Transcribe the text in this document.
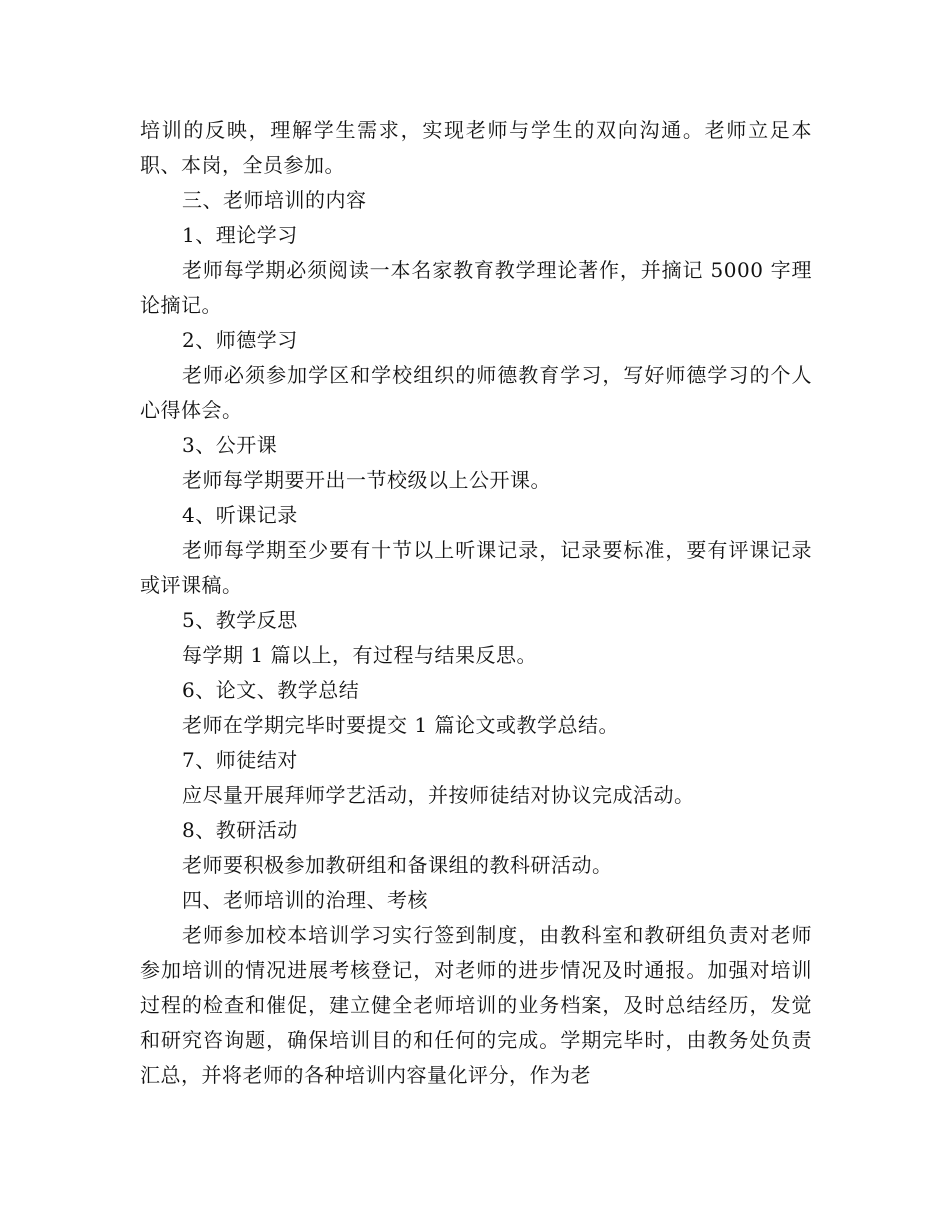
培训的反映，理解学生需求，实现老师与学生的双向沟通。老师立足本职、本岗，全员参加。

三、老师培训的内容

1、理论学习

老师每学期必须阅读一本名家教育教学理论著作，并摘记 5000 字理论摘记。

2、师德学习

老师必须参加学区和学校组织的师德教育学习，写好师德学习的个人心得体会。

3、公开课

老师每学期要开出一节校级以上公开课。

4、听课记录

老师每学期至少要有十节以上听课记录，记录要标准，要有评课记录或评课稿。

5、教学反思

每学期 1 篇以上，有过程与结果反思。

6、论文、教学总结

老师在学期完毕时要提交 1 篇论文或教学总结。

7、师徒结对

应尽量开展拜师学艺活动，并按师徒结对协议完成活动。

8、教研活动

老师要积极参加教研组和备课组的教科研活动。

四、老师培训的治理、考核

老师参加校本培训学习实行签到制度，由教科室和教研组负责对老师参加培训的情况进展考核登记，对老师的进步情况及时通报。加强对培训过程的检查和催促，建立健全老师培训的业务档案，及时总结经历，发觉和研究咨询题，确保培训目的和任何的完成。学期完毕时，由教务处负责汇总，并将老师的各种培训内容量化评分，作为老
